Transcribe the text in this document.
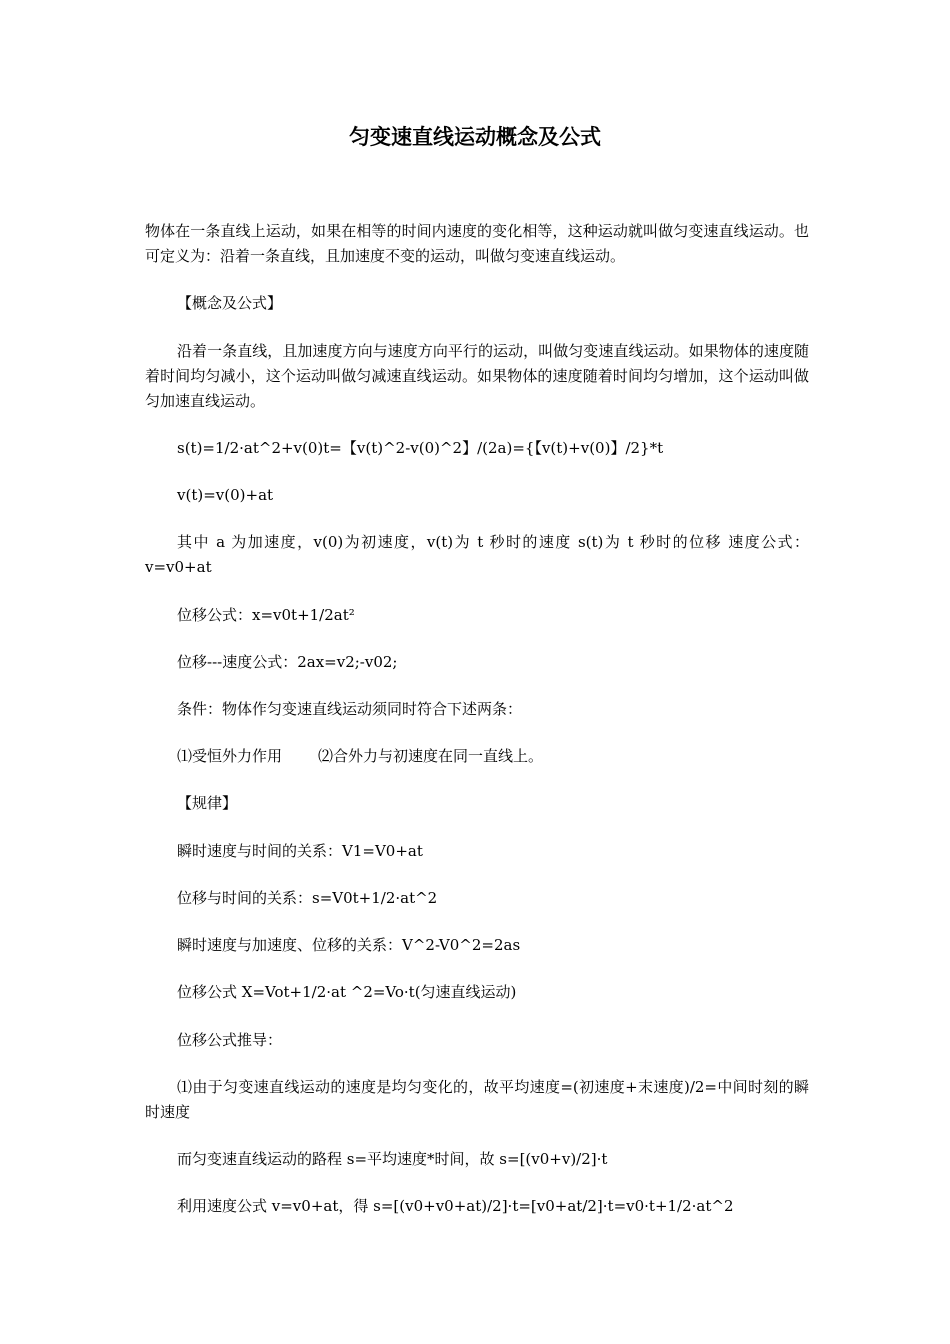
匀变速直线运动概念及公式

物体在一条直线上运动，如果在相等的时间内速度的变化相等，这种运动就叫做匀变速直线运动。也可定义为：沿着一条直线，且加速度不变的运动，叫做匀变速直线运动。

【概念及公式】

沿着一条直线，且加速度方向与速度方向平行的运动，叫做匀变速直线运动。如果物体的速度随着时间均匀减小，这个运动叫做匀减速直线运动。如果物体的速度随着时间均匀增加，这个运动叫做匀加速直线运动。

s(t)=1/2·at^2+v(0)t=【v(t)^2-v(0)^2】/(2a)={【v(t)+v(0)】/2}*t

v(t)=v(0)+at

其中 a 为加速度，v(0)为初速度，v(t)为 t 秒时的速度 s(t)为 t 秒时的位移 速度公式：v=v0+at

位移公式：x=v0t+1/2at²

位移---速度公式：2ax=v2;-v02;

条件：物体作匀变速直线运动须同时符合下述两条：

⑴受恒外力作用 ⑵合外力与初速度在同一直线上。

【规律】

瞬时速度与时间的关系：V1=V0+at

位移与时间的关系：s=V0t+1/2·at^2

瞬时速度与加速度、位移的关系：V^2-V0^2=2as

位移公式 X=Vot+1/2·at ^2=Vo·t(匀速直线运动)

位移公式推导：

⑴由于匀变速直线运动的速度是均匀变化的，故平均速度=(初速度+末速度)/2=中间时刻的瞬时速度

而匀变速直线运动的路程 s=平均速度*时间，故 s=[(v0+v)/2]·t

利用速度公式 v=v0+at，得 s=[(v0+v0+at)/2]·t=[v0+at/2]·t=v0·t+1/2·at^2
